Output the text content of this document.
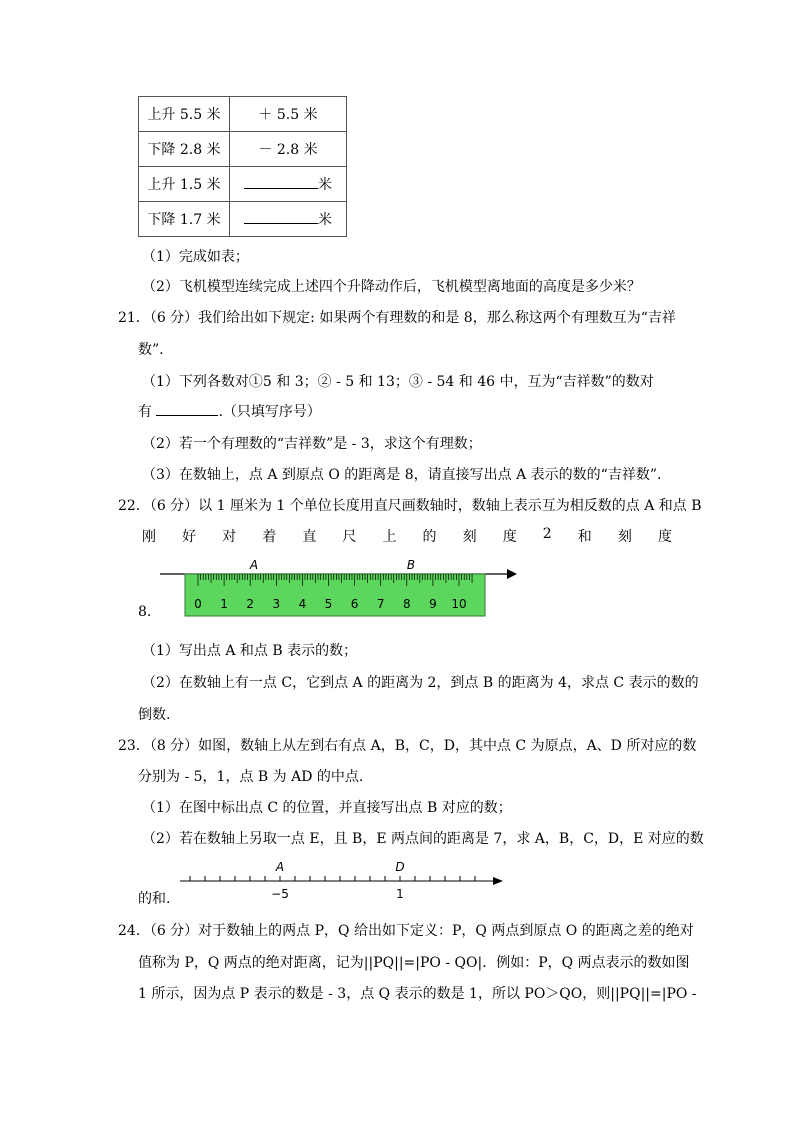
上升 5.5 米	＋ 5.5 米
下降 2.8 米	－ 2.8 米
上升 1.5 米	米
下降 1.7 米	米
（1）完成如表；
（2）飞机模型连续完成上述四个升降动作后，飞机模型离地面的高度是多少米？
21．（6 分）我们给出如下规定: 如果两个有理数的和是 8，那么称这两个有理数互为“吉祥
数”.
（1）下列各数对①5 和 3；② - 5 和 13；③ - 54 和 46 中，互为“吉祥数”的数对
有	.（只填写序号）
（2）若一个有理数的“吉祥数”是 - 3，求这个有理数；
（3）在数轴上，点 A 到原点 O 的距离是 8，请直接写出点 A 表示的数的“吉祥数”.
22．（6 分）以 1 厘米为 1 个单位长度用直尺画数轴时，数轴上表示互为相反数的点 A 和点 B
刚 好 对 着 直 尺 上 的 刻 度 2 和 刻 度
0 1 2 3 4 5 6 7 8 9 10
A	B
8.
（1）写出点 A 和点 B 表示的数；
（2）在数轴上有一点 C，它到点 A 的距离为 2，到点 B 的距离为 4，求点 C 表示的数的
倒数.
23．（8 分）如图，数轴上从左到右有点 A，B，C，D，其中点 C 为原点，A、D 所对应的数
分别为 - 5，1，点 B 为 AD 的中点.
（1）在图中标出点 C 的位置，并直接写出点 B 对应的数；
（2）若在数轴上另取一点 E，且 B，E 两点间的距离是 7，求 A，B，C，D，E 对应的数
的和.
A	D
−5	1
24．（6 分）对于数轴上的两点 P，Q 给出如下定义：P，Q 两点到原点 O 的距离之差的绝对
值称为 P，Q 两点的绝对距离，记为||PQ||=|PO - QO|．例如：P，Q 两点表示的数如图
1 所示，因为点 P 表示的数是 - 3，点 Q 表示的数是 1，所以 PO＞QO，则||PQ||=|PO -
